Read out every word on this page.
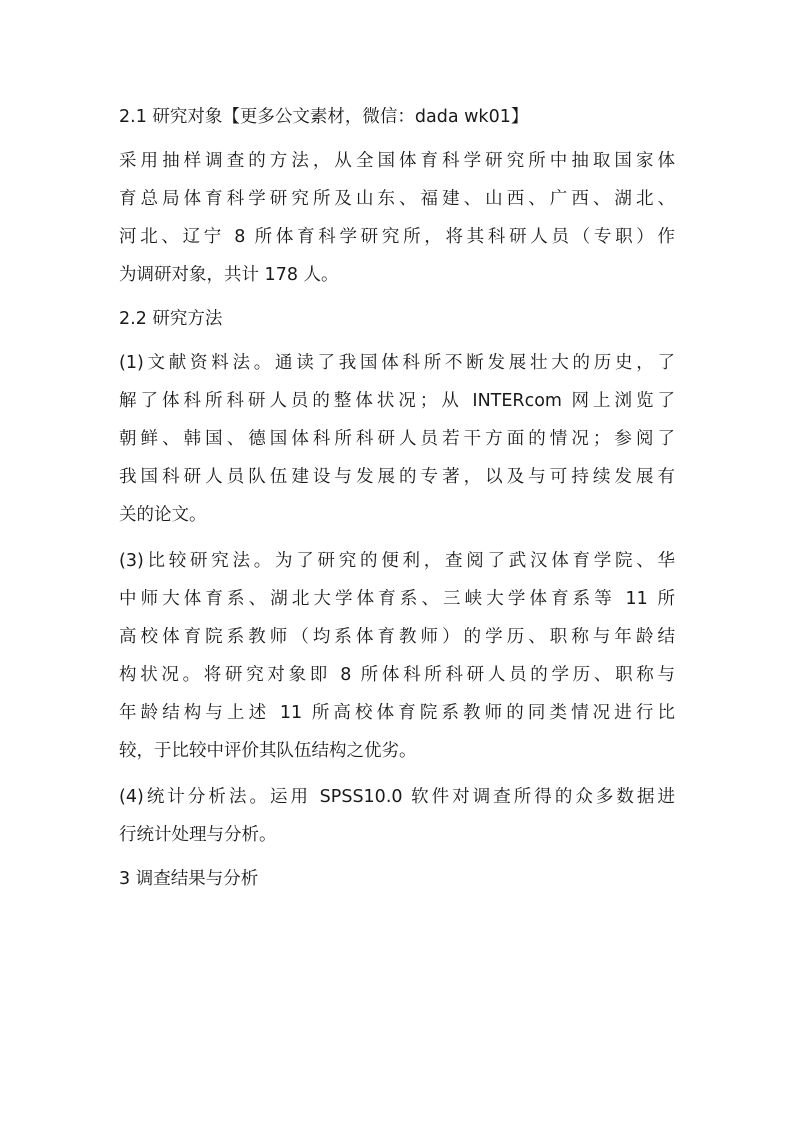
2.1 研究对象【更多公文素材，微信：dada wk01】
采用抽样调查的方法，从全国体育科学研究所中抽取国家体
育总局体育科学研究所及山东、福建、山西、广西、湖北、
河北、辽宁 8 所体育科学研究所，将其科研人员（专职）作
为调研对象，共计 178 人。
2.2 研究方法
(1)文献资料法。通读了我国体科所不断发展壮大的历史，了
解了体科所科研人员的整体状况；从 INTERcom 网上浏览了
朝鲜、韩国、德国体科所科研人员若干方面的情况；参阅了
我国科研人员队伍建设与发展的专著，以及与可持续发展有
关的论文。
(3)比较研究法。为了研究的便利，查阅了武汉体育学院、华
中师大体育系、湖北大学体育系、三峡大学体育系等 11 所
高校体育院系教师（均系体育教师）的学历、职称与年龄结
构状况。将研究对象即 8 所体科所科研人员的学历、职称与
年龄结构与上述 11 所高校体育院系教师的同类情况进行比
较，于比较中评价其队伍结构之优劣。
(4)统计分析法。运用 SPSS10.0 软件对调查所得的众多数据进
行统计处理与分析。
3 调查结果与分析
